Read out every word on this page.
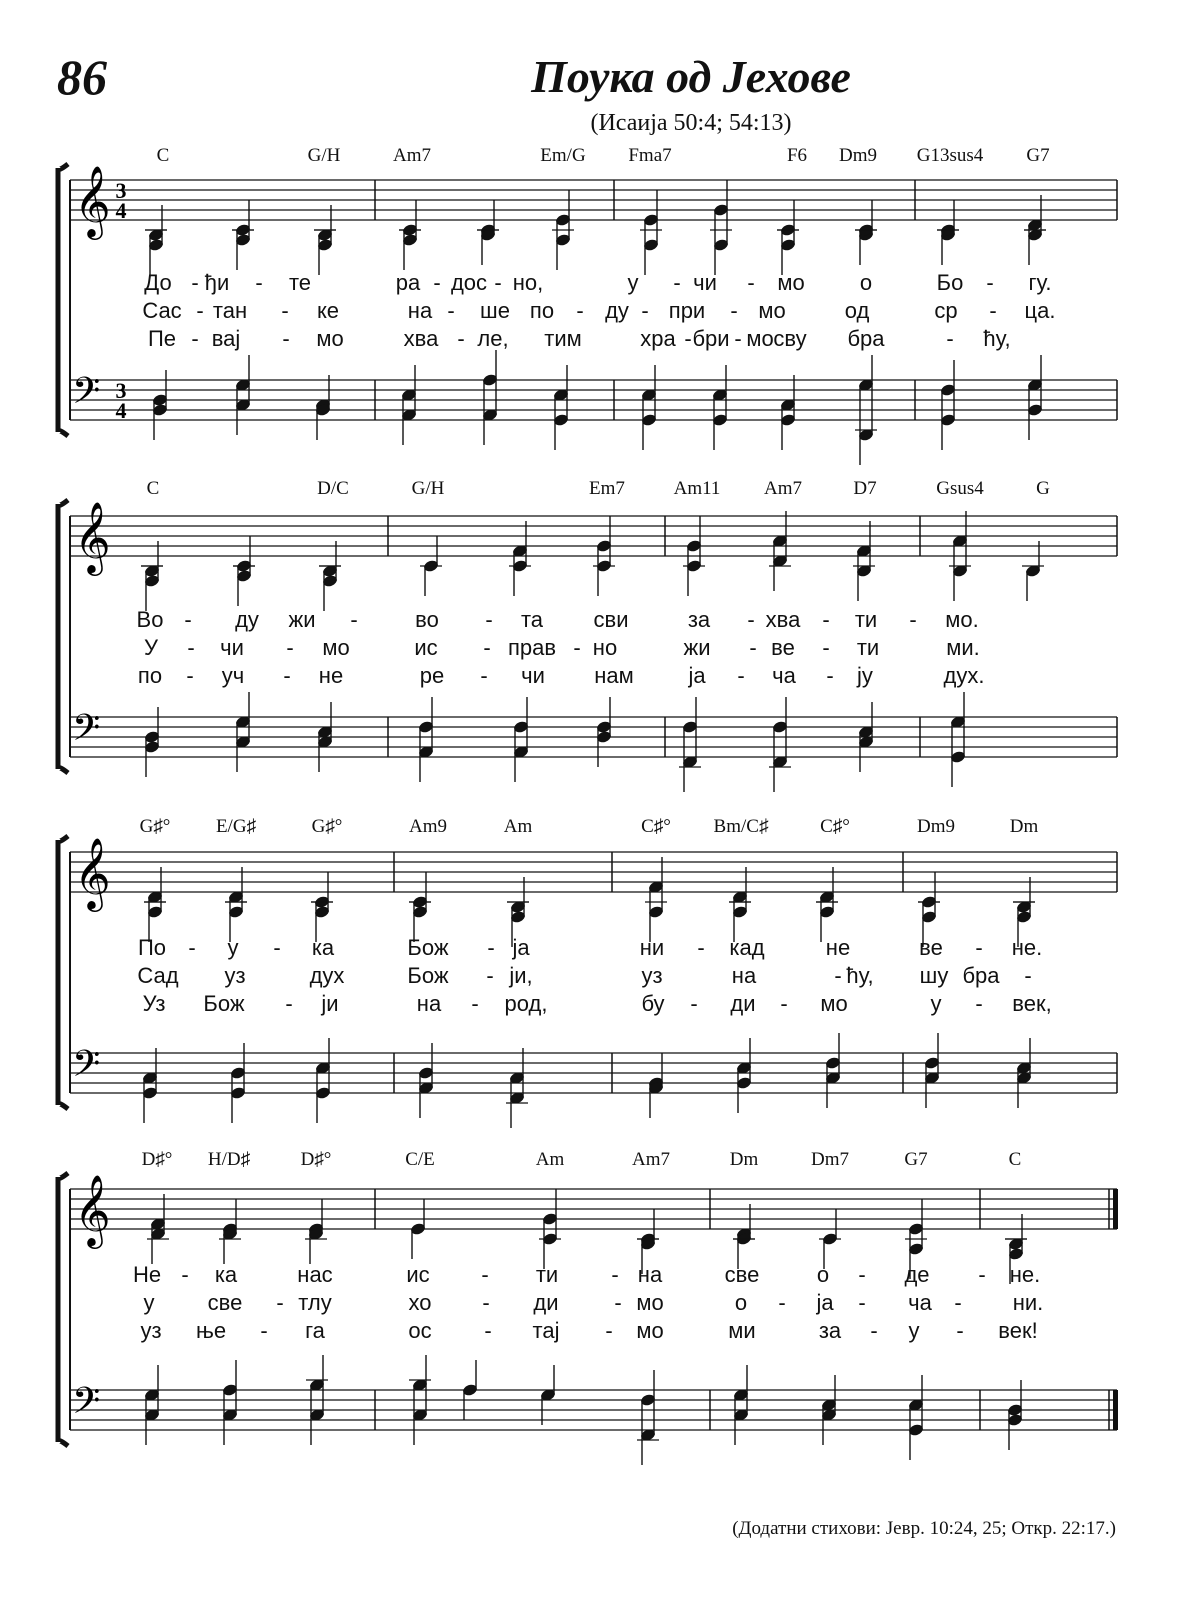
86	Поука од Јехове
(Исаија 50:4; 54:13)
𝄞
𝄢
3
4
3
4
C	G/H	Am7	Em/G Fma7	F6 Dm9 G13sus4 G7
До - ђи - те	ра - дос - но,	у - чи - мо	о	Бо - гу.
Сас - тан - ке	на - ше по - ду - при - мо	од	ср - ца.
Пе - вај - мо	хва - ле, тим	хра - бри - мо сву бра	- ћу,
𝄞
𝄢
C	D/C	G/H	Em7	Am11 Am7	D7	Gsus4	G
Во - ду жи -	во - та сви	за - хва - ти - мо.
У - чи - мо	ис - прав - но	жи - ве - ти	ми.
по - уч - не	ре - чи нам ја - ча - ју	дух.
𝄞
𝄢
G♯° E/G♯	G♯°	Am9	Am	C♯° Bm/C♯	C♯°	Dm9	Dm
По - у - ка	Бож - ја	ни - кад	не	ве - не.
Сад уз	дух	Бож - ји,	уз	на	-	шу бра -
ћу,
Уз Бож - ји	на - род,	бу - ди - мо	у - век,
𝄞
𝄢
D♯° H/D♯	D♯°	C/E	Am	Am7	Dm	Dm7	G7	C
Не - ка	нас	ис - ти - на	све	о - де - не.
у све - тлу	хо - ди	- мо	о - ја - ча - ни.
уз ње - га	ос - тај - мо	ми	за - у - век!
(Додатни стихови: Јевр. 10:24, 25; Откр. 22:17.)
